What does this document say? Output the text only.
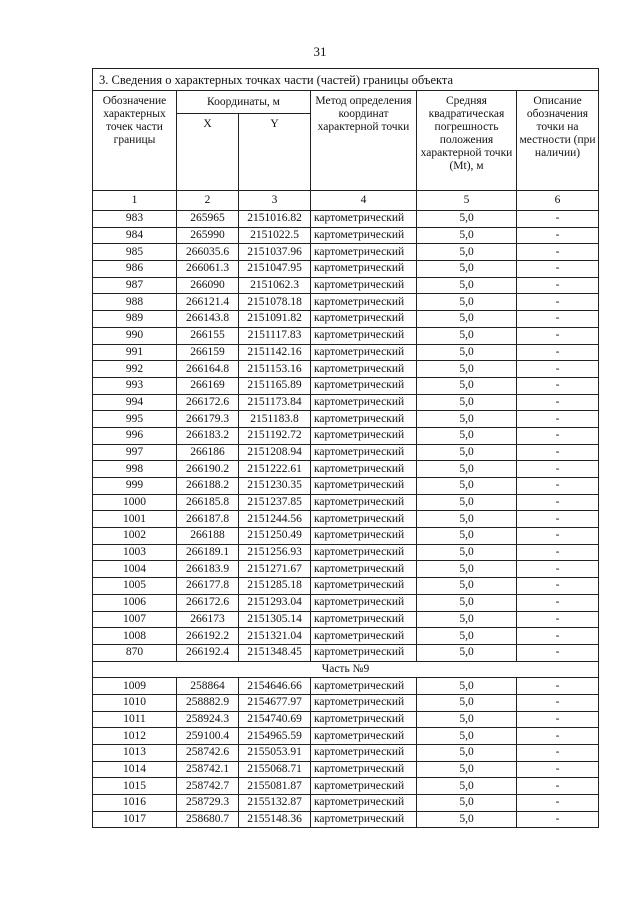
31
3. Сведения о характерных точках части (частей) границы объекта					
Обозначение характерных точек части границы	Координаты, м		Метод определения координат характерной точки	Средняя квадратическая погрешность положения характерной точки (Mt), м	Описание обозначения точки на местности (при наличии)
	X	Y			
1	2	3	4	5	6
983	265965	2151016.82	картометрический	5,0	-
984	265990	2151022.5	картометрический	5,0	-
985	266035.6	2151037.96	картометрический	5,0	-
986	266061.3	2151047.95	картометрический	5,0	-
987	266090	2151062.3	картометрический	5,0	-
988	266121.4	2151078.18	картометрический	5,0	-
989	266143.8	2151091.82	картометрический	5,0	-
990	266155	2151117.83	картометрический	5,0	-
991	266159	2151142.16	картометрический	5,0	-
992	266164.8	2151153.16	картометрический	5,0	-
993	266169	2151165.89	картометрический	5,0	-
994	266172.6	2151173.84	картометрический	5,0	-
995	266179.3	2151183.8	картометрический	5,0	-
996	266183.2	2151192.72	картометрический	5,0	-
997	266186	2151208.94	картометрический	5,0	-
998	266190.2	2151222.61	картометрический	5,0	-
999	266188.2	2151230.35	картометрический	5,0	-
1000	266185.8	2151237.85	картометрический	5,0	-
1001	266187.8	2151244.56	картометрический	5,0	-
1002	266188	2151250.49	картометрический	5,0	-
1003	266189.1	2151256.93	картометрический	5,0	-
1004	266183.9	2151271.67	картометрический	5,0	-
1005	266177.8	2151285.18	картометрический	5,0	-
1006	266172.6	2151293.04	картометрический	5,0	-
1007	266173	2151305.14	картометрический	5,0	-
1008	266192.2	2151321.04	картометрический	5,0	-
870	266192.4	2151348.45	картометрический	5,0	-
Часть №9					
1009	258864	2154646.66	картометрический	5,0	-
1010	258882.9	2154677.97	картометрический	5,0	-
1011	258924.3	2154740.69	картометрический	5,0	-
1012	259100.4	2154965.59	картометрический	5,0	-
1013	258742.6	2155053.91	картометрический	5,0	-
1014	258742.1	2155068.71	картометрический	5,0	-
1015	258742.7	2155081.87	картометрический	5,0	-
1016	258729.3	2155132.87	картометрический	5,0	-
1017	258680.7	2155148.36	картометрический	5,0	-
